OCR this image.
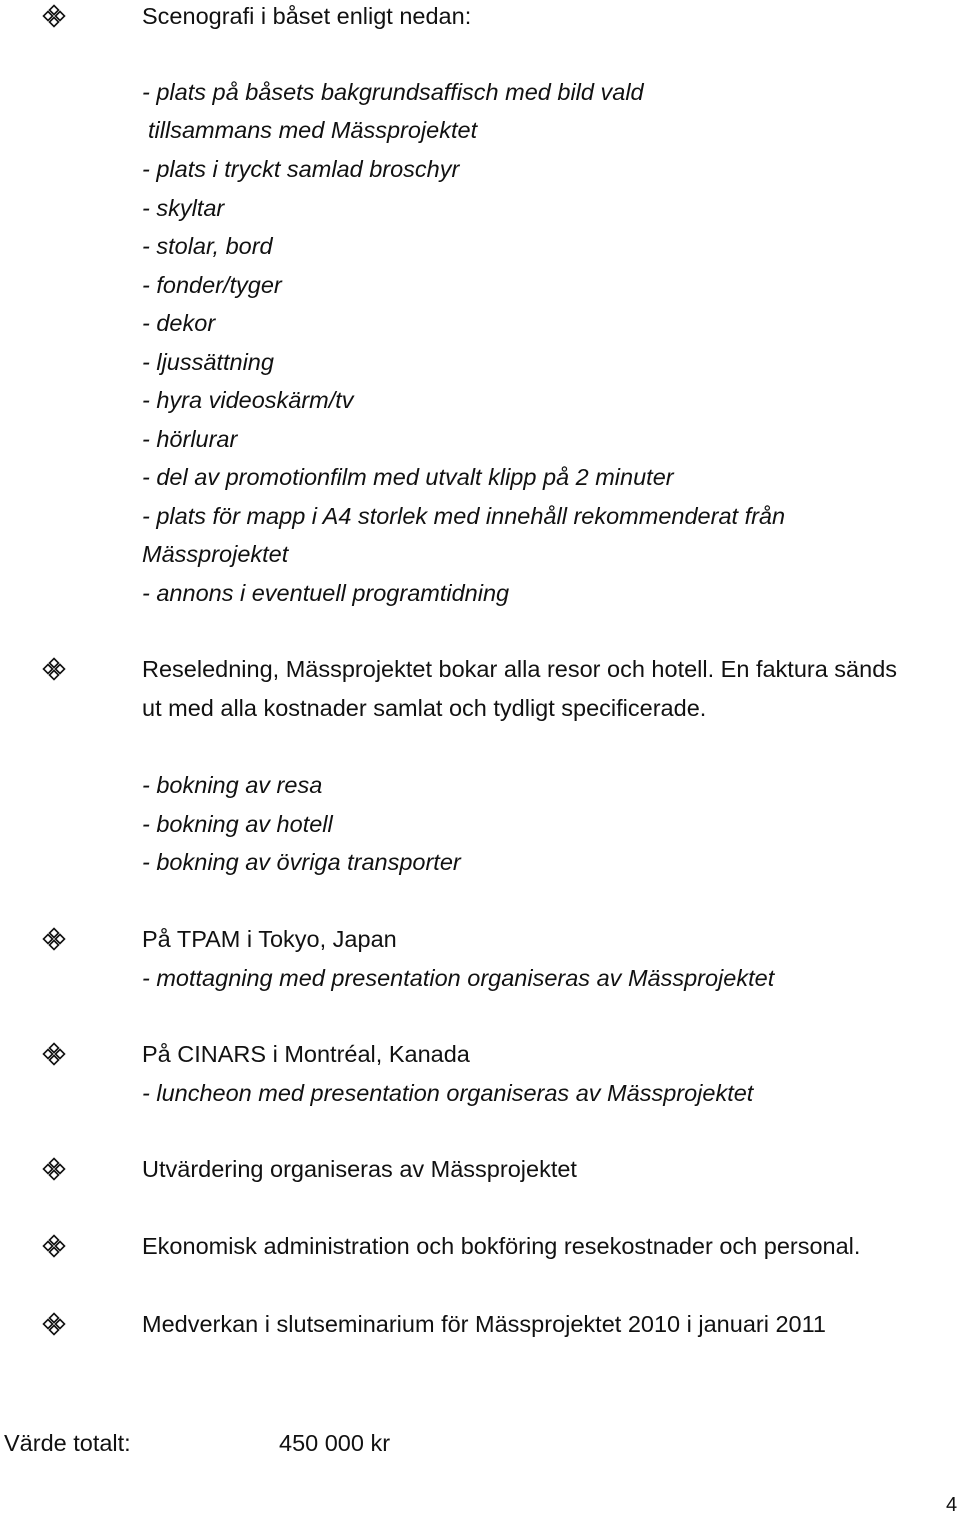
Scenografi i båset enligt nedan:
- plats på båsets bakgrundsaffisch med bild vald
tillsammans med Mässprojektet
- plats i tryckt samlad broschyr
- skyltar
- stolar, bord
- fonder/tyger
- dekor
- ljussättning
- hyra videoskärm/tv
- hörlurar
- del av promotionfilm med utvalt klipp på 2 minuter
- plats för mapp i A4 storlek med innehåll rekommenderat från
Mässprojektet
- annons i eventuell programtidning
Reseledning, Mässprojektet bokar alla resor och hotell. En faktura sänds
ut med alla kostnader samlat och tydligt specificerade.
- bokning av resa
- bokning av hotell
- bokning av övriga transporter
På TPAM i Tokyo, Japan
- mottagning med presentation organiseras av Mässprojektet
På CINARS i Montréal, Kanada
- luncheon med presentation organiseras av Mässprojektet
Utvärdering organiseras av Mässprojektet
Ekonomisk administration och bokföring resekostnader och personal.
Medverkan i slutseminarium för Mässprojektet 2010 i januari 2011
Värde totalt:	450 000 kr
4
